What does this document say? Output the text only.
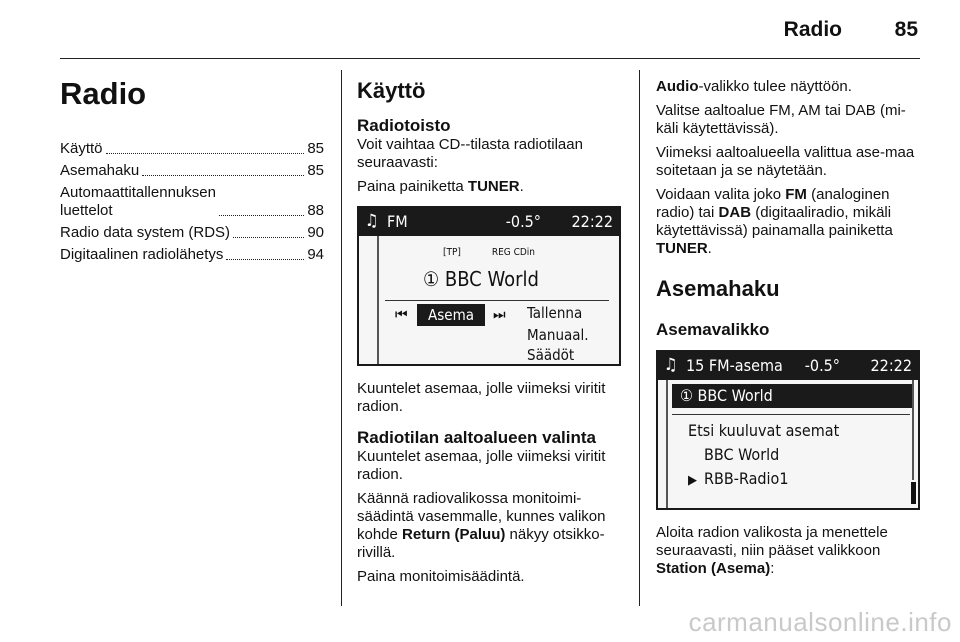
Radio	85
Radio
Käyttö	85
Asemahaku	85
Automaattitallennuksen
luettelot	88
Radio data system (RDS)	90
Digitaalinen radiolähetys	94
Käyttö
Radiotoisto

Voit vaihtaa CD--tilasta radiotilaan seuraavasti:

Paina painiketta TUNER.

♫ FM	-0.5° 22:22
[TP]	REG CDin
① BBC World
⏮	Asema	⏭ Tallenna
Manuaal.
Säädöt

Kuuntelet asemaa, jolle viimeksi viritit radion.

Radiotilan aaltoalueen valinta

Kuuntelet asemaa, jolle viimeksi viritit radion.

Käännä radiovalikossa monitoimi-säädintä vasemmalle, kunnes valikon kohde Return (Paluu) näkyy otsikko-rivillä.

Paina monitoimisäädintä.

Audio-valikko tulee näyttöön.

Valitse aaltoalue FM, AM tai DAB (mi-käli käytettävissä).

Viimeksi aaltoalueella valittua ase-maa soitetaan ja se näytetään.

Voidaan valita joko FM (analoginen radio) tai DAB (digitaaliradio, mikäli käytettävissä) painamalla painiketta TUNER.

Asemahaku
Asemavalikko
♫ 15 FM-asema -0.5° 22:22
① BBC World
Etsi kuuluvat asemat
BBC World
▶ RBB-Radio1

Aloita radion valikosta ja menettele seuraavasti, niin pääset valikkoon Station (Asema):

carmanualsonline.info
